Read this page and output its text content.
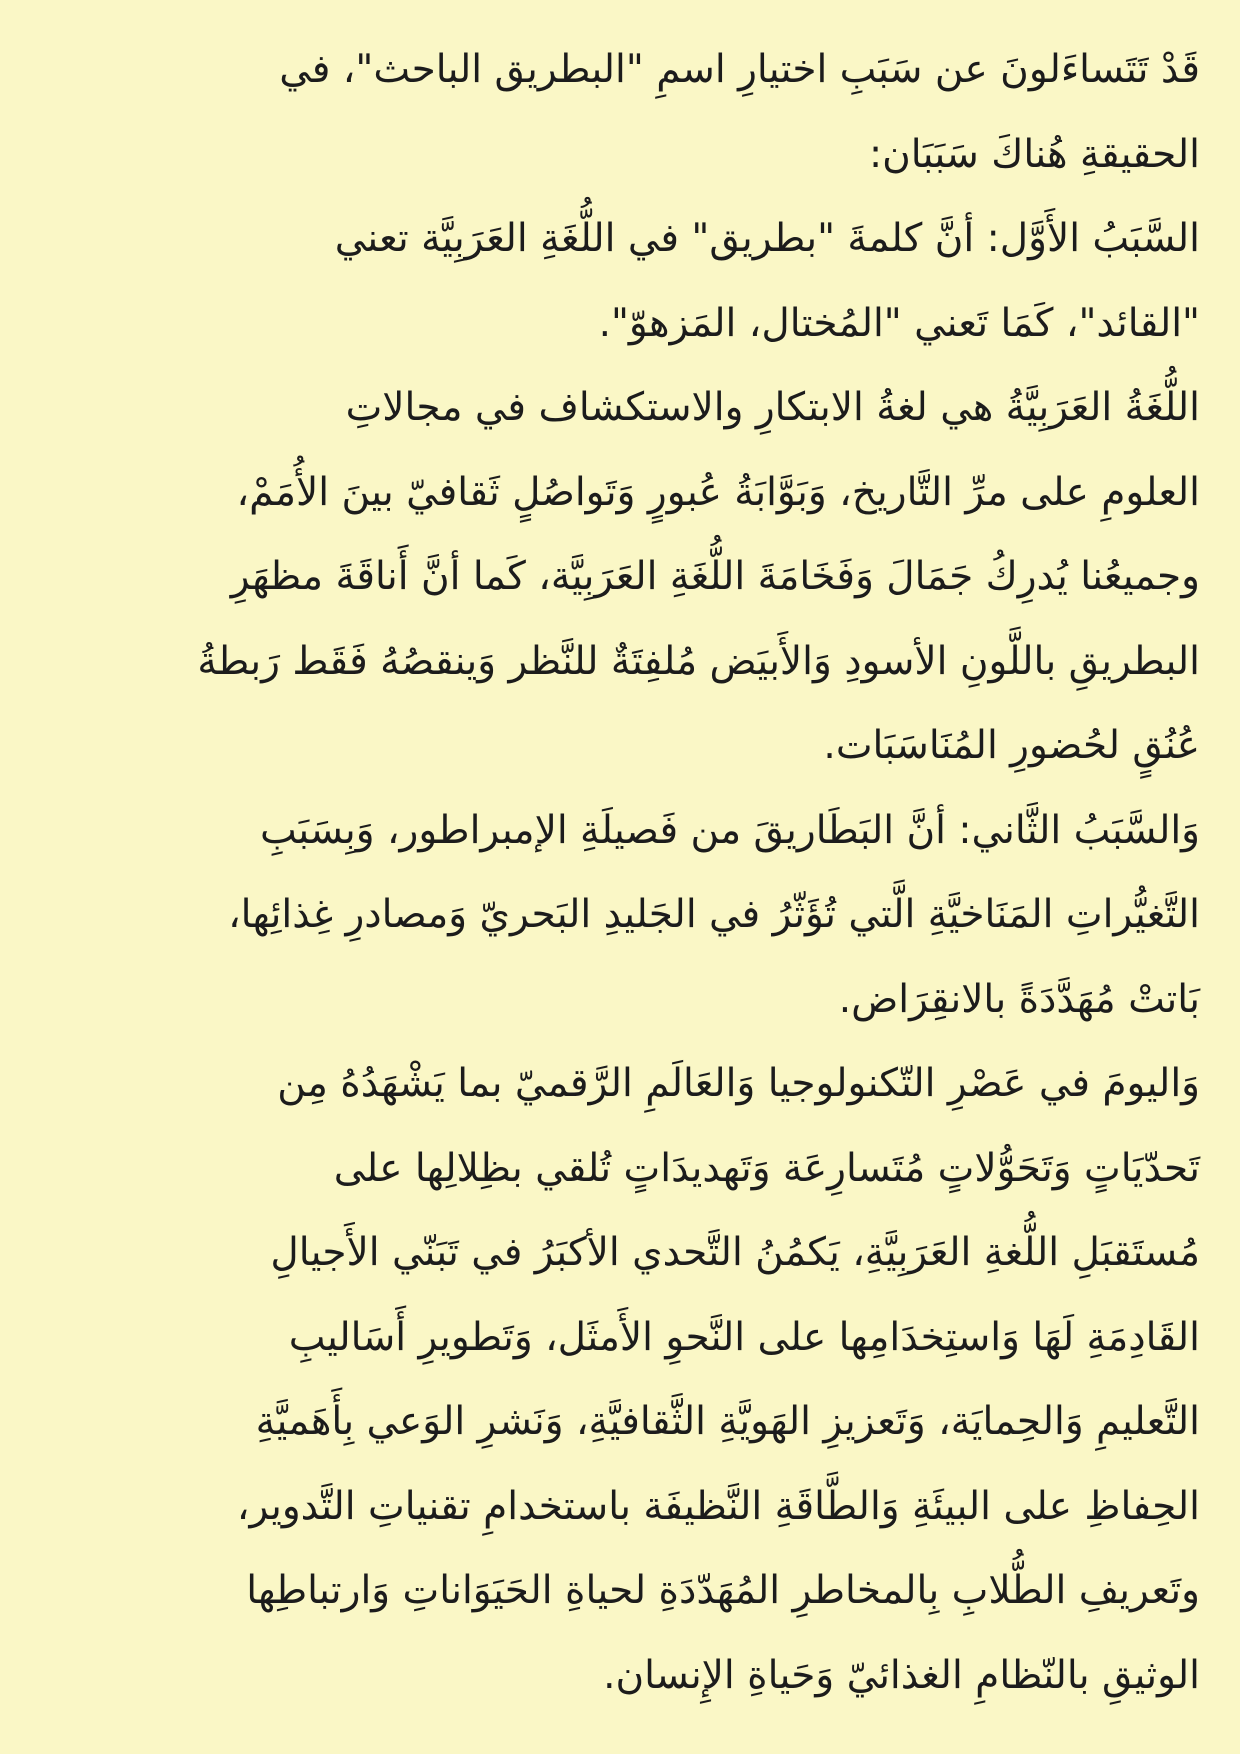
قَدْ تَتَساءَلونَ عن سَبَبِ اختيارِ اسمِ "البطريق الباحث"، في
الحقيقةِ هُناكَ سَبَبَان:
السَّبَبُ الأَوَّل: أنَّ كلمةَ "بطريق" في اللُّغَةِ العَرَبِيَّة تعني
"القائد"، كَمَا تَعني "المُختال، المَزهوّ".
اللُّغَةُ العَرَبِيَّةُ هي لغةُ الابتكارِ والاستكشاف في مجالاتِ
العلومِ على مرِّ التَّاريخ، وَبَوَّابَةُ عُبورٍ وَتَواصُلٍ ثَقافيّ بينَ الأُمَمْ،
وجميعُنا يُدرِكُ جَمَالَ وَفَخَامَةَ اللُّغَةِ العَرَبِيَّة، كَما أنَّ أَناقَةَ مظهَرِ
البطريقِ باللَّونِ الأسودِ وَالأَبيَض مُلفِتَةٌ للنَّظر وَينقصُهُ فَقَط رَبطةُ
عُنُقٍ لحُضورِ المُنَاسَبَات.
وَالسَّبَبُ الثَّاني: أنَّ البَطَاريقَ من فَصيلَةِ الإمبراطور، وَبِسَبَبِ
التَّغيُّراتِ المَنَاخيَّةِ الَّتي تُؤَثّرُ في الجَليدِ البَحريّ وَمصادرِ غِذائِها،
بَاتتْ مُهَدَّدَةً بالانقِرَاض.
وَاليومَ في عَصْرِ التّكنولوجيا وَالعَالَمِ الرَّقميّ بما يَشْهَدُهُ مِن
تَحدّيَاتٍ وَتَحَوُّلاتٍ مُتَسارِعَة وَتَهديدَاتٍ تُلقي بظِلالِها على
مُستَقبَلِ اللُّغةِ العَرَبِيَّةِ، يَكمُنُ التَّحدي الأكبَرُ في تَبَنّي الأَجيالِ
القَادِمَةِ لَهَا وَاستِخدَامِها على النَّحوِ الأَمثَل، وَتَطويرِ أَسَاليبِ
التَّعليمِ وَالحِمايَة، وَتَعزيزِ الهَويَّةِ الثَّقافيَّةِ، وَنَشرِ الوَعي بِأَهَميَّةِ
الحِفاظِ على البيئَةِ وَالطَّاقَةِ النَّظيفَة باستخدامِ تقنياتِ التَّدوير،
وتَعريفِ الطُّلابِ بِالمخاطرِ المُهَدّدَةِ لحياةِ الحَيَوَاناتِ وَارتباطِها
الوثيقِ بالنّظامِ الغذائيّ وَحَياةِ الإِنسان.
